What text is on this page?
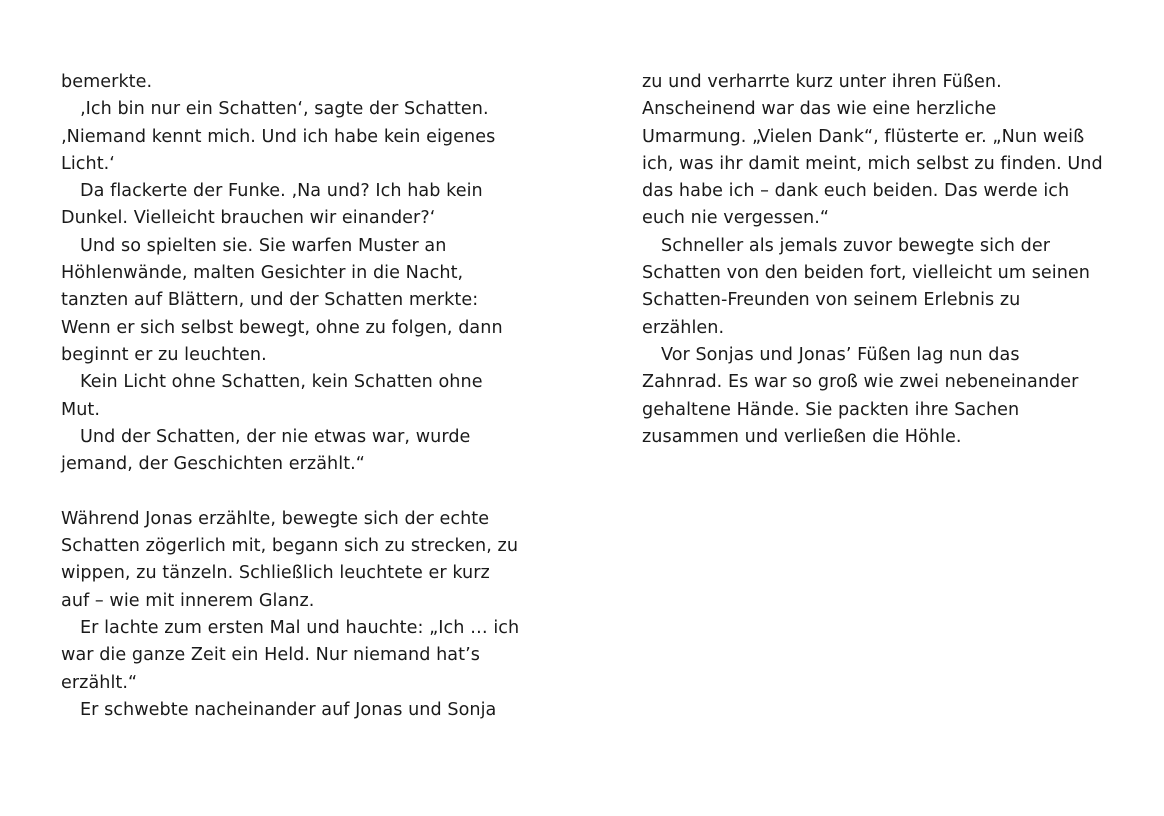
bemerkte.
‚Ich bin nur ein Schatten‘, sagte der Schatten.
‚Niemand kennt mich. Und ich habe kein eigenes
Licht.‘
Da flackerte der Funke. ‚Na und? Ich hab kein
Dunkel. Vielleicht brauchen wir einander?‘
Und so spielten sie. Sie warfen Muster an
Höhlenwände, malten Gesichter in die Nacht,
tanzten auf Blättern, und der Schatten merkte:
Wenn er sich selbst bewegt, ohne zu folgen, dann
beginnt er zu leuchten.
Kein Licht ohne Schatten, kein Schatten ohne
Mut.
Und der Schatten, der nie etwas war, wurde
jemand, der Geschichten erzählt.“
Während Jonas erzählte, bewegte sich der echte
Schatten zögerlich mit, begann sich zu strecken, zu
wippen, zu tänzeln. Schließlich leuchtete er kurz
auf – wie mit innerem Glanz.
Er lachte zum ersten Mal und hauchte: „Ich … ich
war die ganze Zeit ein Held. Nur niemand hat’s
erzählt.“
Er schwebte nacheinander auf Jonas und Sonja
zu und verharrte kurz unter ihren Füßen.
Anscheinend war das wie eine herzliche
Umarmung. „Vielen Dank“, flüsterte er. „Nun weiß
ich, was ihr damit meint, mich selbst zu finden. Und
das habe ich – dank euch beiden. Das werde ich
euch nie vergessen.“
Schneller als jemals zuvor bewegte sich der
Schatten von den beiden fort, vielleicht um seinen
Schatten-Freunden von seinem Erlebnis zu
erzählen.
Vor Sonjas und Jonas’ Füßen lag nun das
Zahnrad. Es war so groß wie zwei nebeneinander
gehaltene Hände. Sie packten ihre Sachen
zusammen und verließen die Höhle.
